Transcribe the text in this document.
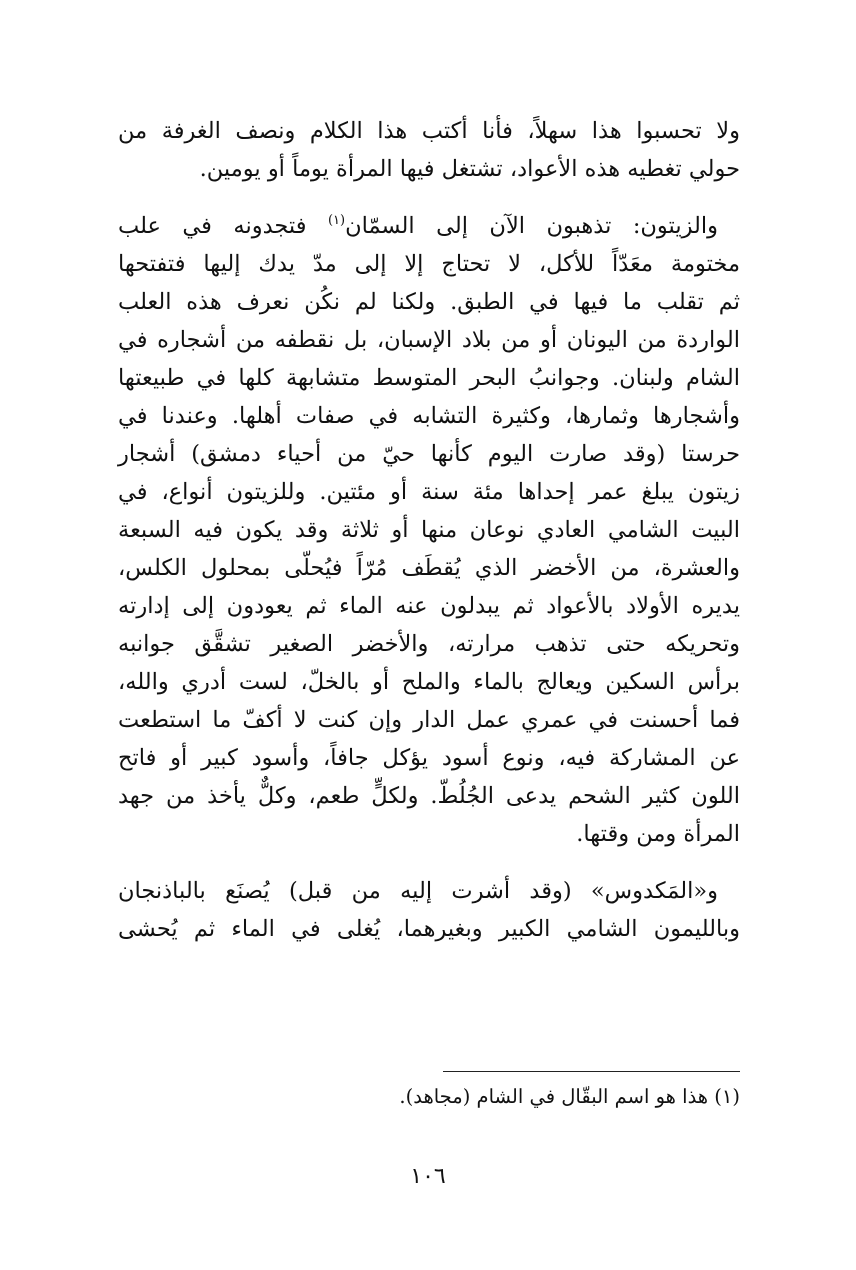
ولا تحسبوا هذا سهلاً، فأنا أكتب هذا الكلام ونصف الغرفة من
حولي تغطيه هذه الأعواد، تشتغل فيها المرأة يوماً أو يومين.

والزيتون: تذهبون الآن إلى السمّان$^{(١)}$ فتجدونه في علب
مختومة معَدّاً للأكل، لا تحتاج إلا إلى مدّ يدك إليها فتفتحها
ثم تقلب ما فيها في الطبق. ولكنا لم نكُن نعرف هذه العلب
الواردة من اليونان أو من بلاد الإسبان، بل نقطفه من أشجاره في
الشام ولبنان. وجوانبُ البحر المتوسط متشابهة كلها في طبيعتها
وأشجارها وثمارها، وكثيرة التشابه في صفات أهلها. وعندنا في
حرستا (وقد صارت اليوم كأنها حيّ من أحياء دمشق) أشجار
زيتون يبلغ عمر إحداها مئة سنة أو مئتين. وللزيتون أنواع، في
البيت الشامي العادي نوعان منها أو ثلاثة وقد يكون فيه السبعة
والعشرة، من الأخضر الذي يُقطَف مُرّاً فيُحلّى بمحلول الكلس،
يديره الأولاد بالأعواد ثم يبدلون عنه الماء ثم يعودون إلى إدارته
وتحريكه حتى تذهب مرارته، والأخضر الصغير تشقَّق جوانبه
برأس السكين ويعالج بالماء والملح أو بالخلّ، لست أدري والله،
فما أحسنت في عمري عمل الدار وإن كنت لا أكفّ ما استطعت
عن المشاركة فيه، ونوع أسود يؤكل جافاً، وأسود كبير أو فاتح
اللون كثير الشحم يدعى الجُلُطّ. ولكلٍّ طعم، وكلٌّ يأخذ من جهد
المرأة ومن وقتها.

و«المَكدوس» (وقد أشرت إليه من قبل) يُصنَع بالباذنجان
وبالليمون الشامي الكبير وبغيرهما، يُغلى في الماء ثم يُحشى

(١) هذا هو اسم البقّال في الشام (مجاهد).
١٠٦
